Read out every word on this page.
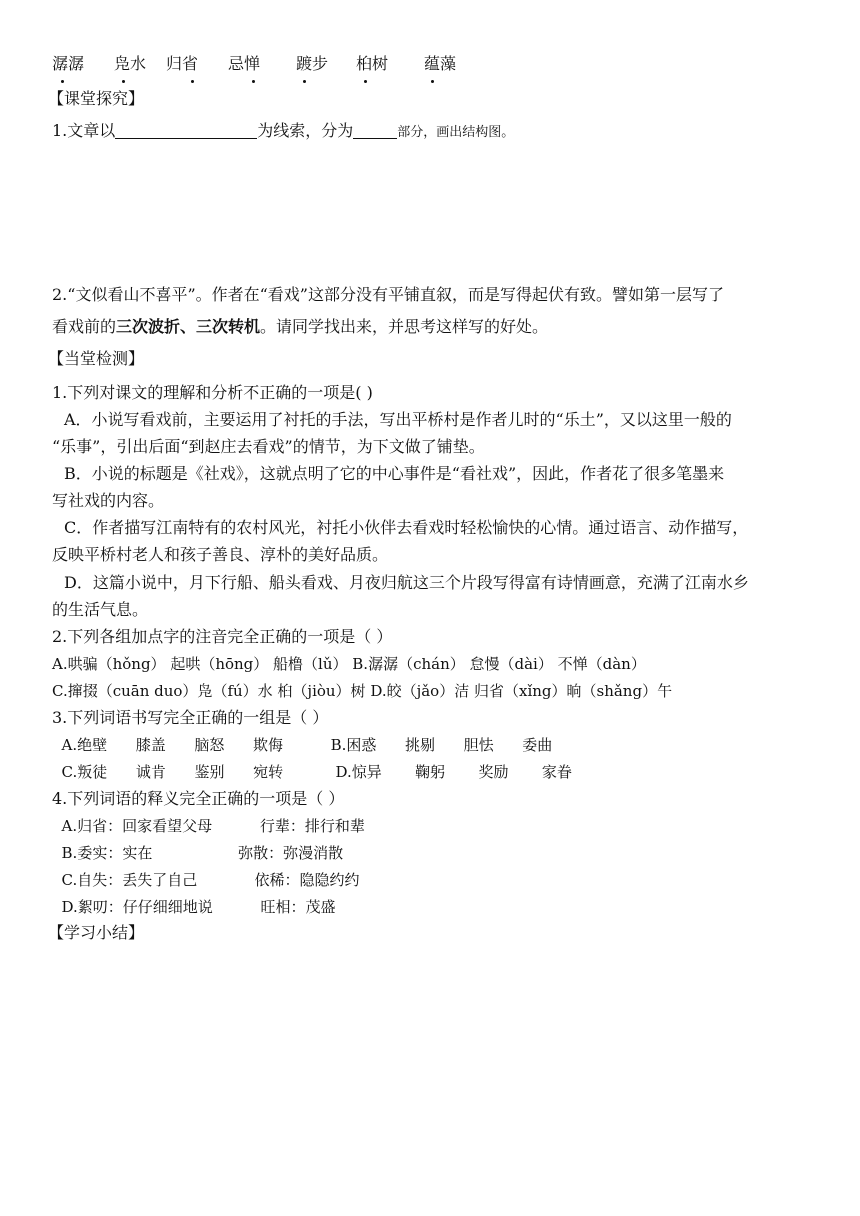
潺潺 凫水 归省 忌惮 踱步 桕树 蕴藻
【课堂探究】
1.文章以	为线索，分为	部分，画出结构图。
2.“文似看山不喜平”。作者在“看戏”这部分没有平铺直叙，而是写得起伏有致。譬如第一层写了
看戏前的三次波折、三次转机。请同学找出来，并思考这样写的好处。
【当堂检测】
1.下列对课文的理解和分析不正确的一项是( )
A．小说写看戏前，主要运用了衬托的手法，写出平桥村是作者儿时的“乐土”，又以这里一般的
“乐事”，引出后面“到赵庄去看戏”的情节，为下文做了铺垫。
B．小说的标题是《社戏》，这就点明了它的中心事件是“看社戏”，因此，作者花了很多笔墨来
写社戏的内容。
C．作者描写江南特有的农村风光，衬托小伙伴去看戏时轻松愉快的心情。通过语言、动作描写，
反映平桥村老人和孩子善良、淳朴的美好品质。
D．这篇小说中，月下行船、船头看戏、月夜归航这三个片段写得富有诗情画意，充满了江南水乡
的生活气息。
2.下列各组加点字的注音完全正确的一项是（ ）
A.哄骗（hǒng） 起哄（hōng） 船橹（lǔ） B.潺潺（chán） 怠慢（dài） 不惮（dàn）
C.撺掇（cuān duo）凫（fú）水 桕（jiòu）树 D.皎（jǎo）洁 归省（xǐng）晌（shǎng）午
3.下列词语书写完全正确的一组是（ ）
A.绝壁      膝盖      脑怒      欺侮          B.困惑      挑剔      胆怯      委曲
C.叛徒      诚肯      鉴别      宛转           D.惊异       鞠躬       奖励       家眷
4.下列词语的释义完全正确的一项是（ ）
A.归省：回家看望父母          行辈：排行和辈
B.委实：实在                  弥散：弥漫消散
C.自失：丢失了自己            依稀：隐隐约约
D.絮叨：仔仔细细地说          旺相：茂盛
【学习小结】
